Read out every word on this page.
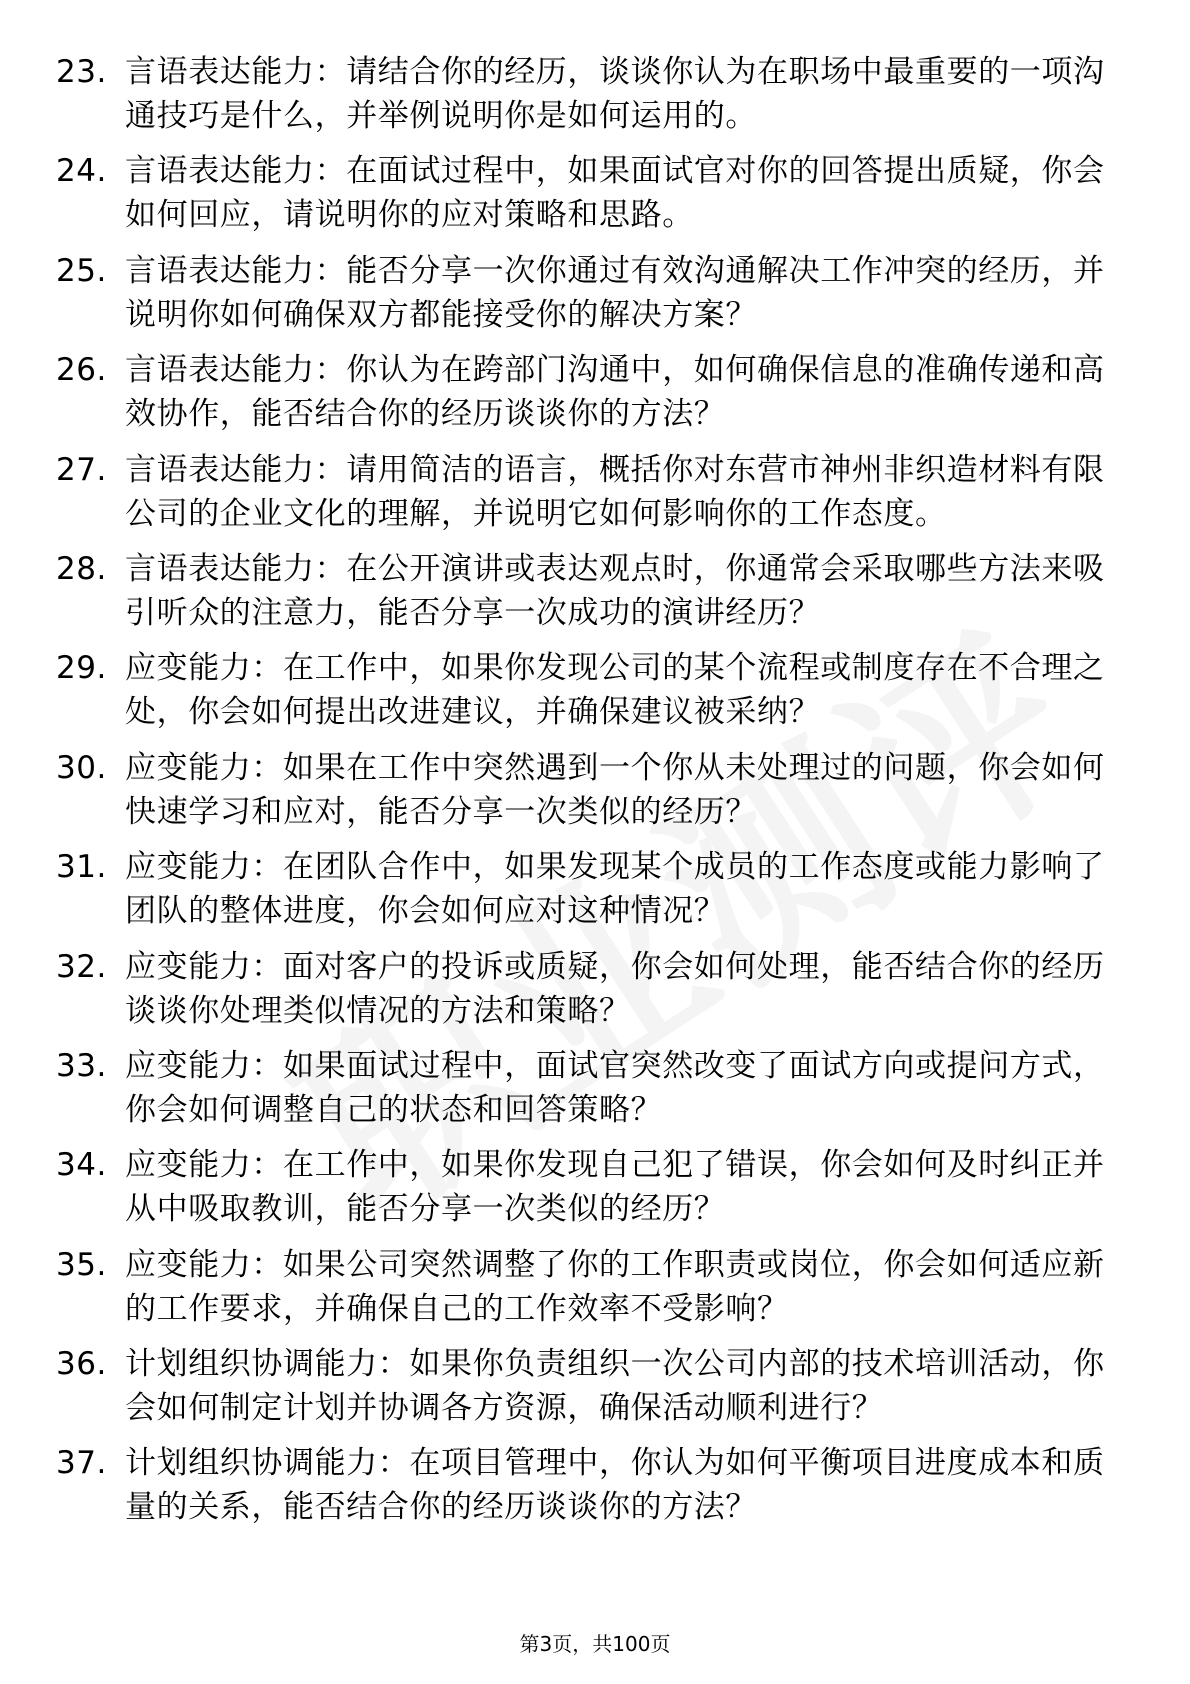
23. 言语表达能力：请结合你的经历，谈谈你认为在职场中最重要的一项沟通技巧是什么，并举例说明你是如何运用的。
24. 言语表达能力：在面试过程中，如果面试官对你的回答提出质疑，你会如何回应，请说明你的应对策略和思路。
25. 言语表达能力：能否分享一次你通过有效沟通解决工作冲突的经历，并说明你如何确保双方都能接受你的解决方案？
26. 言语表达能力：你认为在跨部门沟通中，如何确保信息的准确传递和高效协作，能否结合你的经历谈谈你的方法？
27. 言语表达能力：请用简洁的语言，概括你对东营市神州非织造材料有限公司的企业文化的理解，并说明它如何影响你的工作态度。
28. 言语表达能力：在公开演讲或表达观点时，你通常会采取哪些方法来吸引听众的注意力，能否分享一次成功的演讲经历？
29. 应变能力：在工作中，如果你发现公司的某个流程或制度存在不合理之处，你会如何提出改进建议，并确保建议被采纳？
30. 应变能力：如果在工作中突然遇到一个你从未处理过的问题，你会如何快速学习和应对，能否分享一次类似的经历？
31. 应变能力：在团队合作中，如果发现某个成员的工作态度或能力影响了团队的整体进度，你会如何应对这种情况？
32. 应变能力：面对客户的投诉或质疑，你会如何处理，能否结合你的经历谈谈你处理类似情况的方法和策略？
33. 应变能力：如果面试过程中，面试官突然改变了面试方向或提问方式，你会如何调整自己的状态和回答策略？
34. 应变能力：在工作中，如果你发现自己犯了错误，你会如何及时纠正并从中吸取教训，能否分享一次类似的经历？
35. 应变能力：如果公司突然调整了你的工作职责或岗位，你会如何适应新的工作要求，并确保自己的工作效率不受影响？
36. 计划组织协调能力：如果你负责组织一次公司内部的技术培训活动，你会如何制定计划并协调各方资源，确保活动顺利进行？
37. 计划组织协调能力：在项目管理中，你认为如何平衡项目进度成本和质量的关系，能否结合你的经历谈谈你的方法？
第3页，共100页
